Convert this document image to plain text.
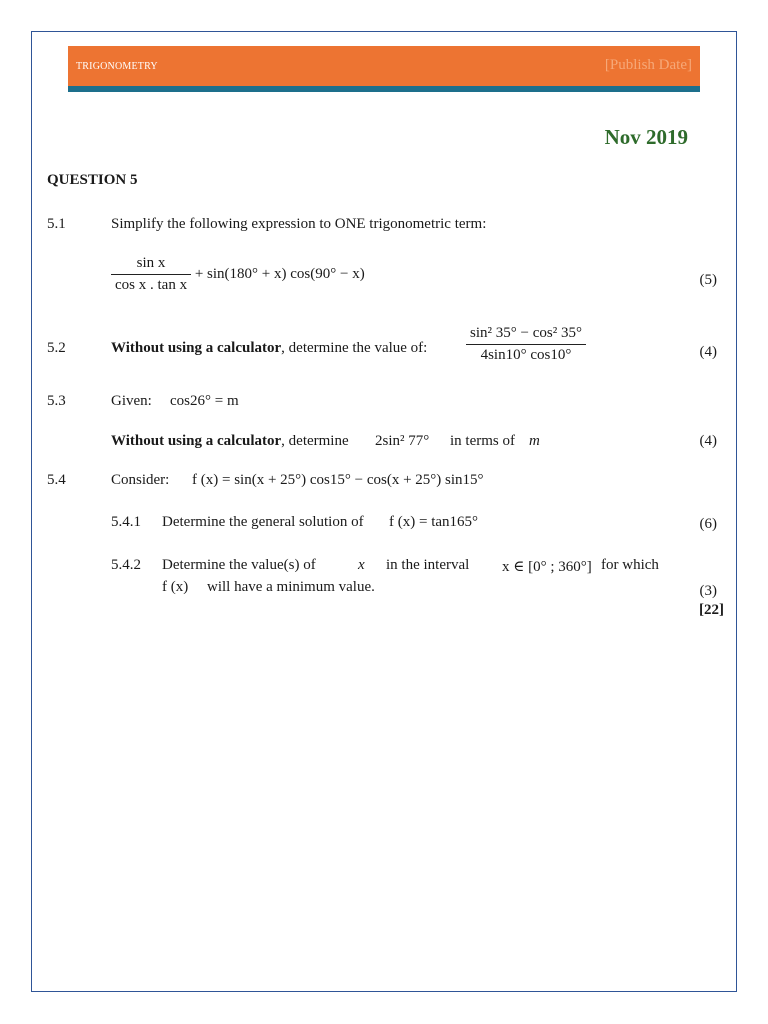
TRIGONOMETRY	[Publish Date]
Nov 2019
QUESTION 5
5.1	Simplify the following expression to ONE trigonometric term:
$\frac{\text{sin x}}{\text{cos x . tan x}} + \sin(180^\circ + x) \cos(90^\circ - x)$	(5)
5.2	Without using a calculator, determine the value of:	$\frac{\text{sin² 35° − cos² 35°}}{4\sin 10^\circ \cos 10^\circ}$	(4)
5.3	Given: cos26° = m
Without using a calculator, determine 2sin² 77° in terms of m	(4)
5.4	Consider: f (x) = sin(x + 25°) cos15° − cos(x + 25°) sin15°
5.4.1 Determine the general solution of f (x) = tan165°	(6)
5.4.2 Determine the value(s) of	x in the interval x ∈ [0° ; 360°] for which
f (x) will have a minimum value.	(3)
[22]
